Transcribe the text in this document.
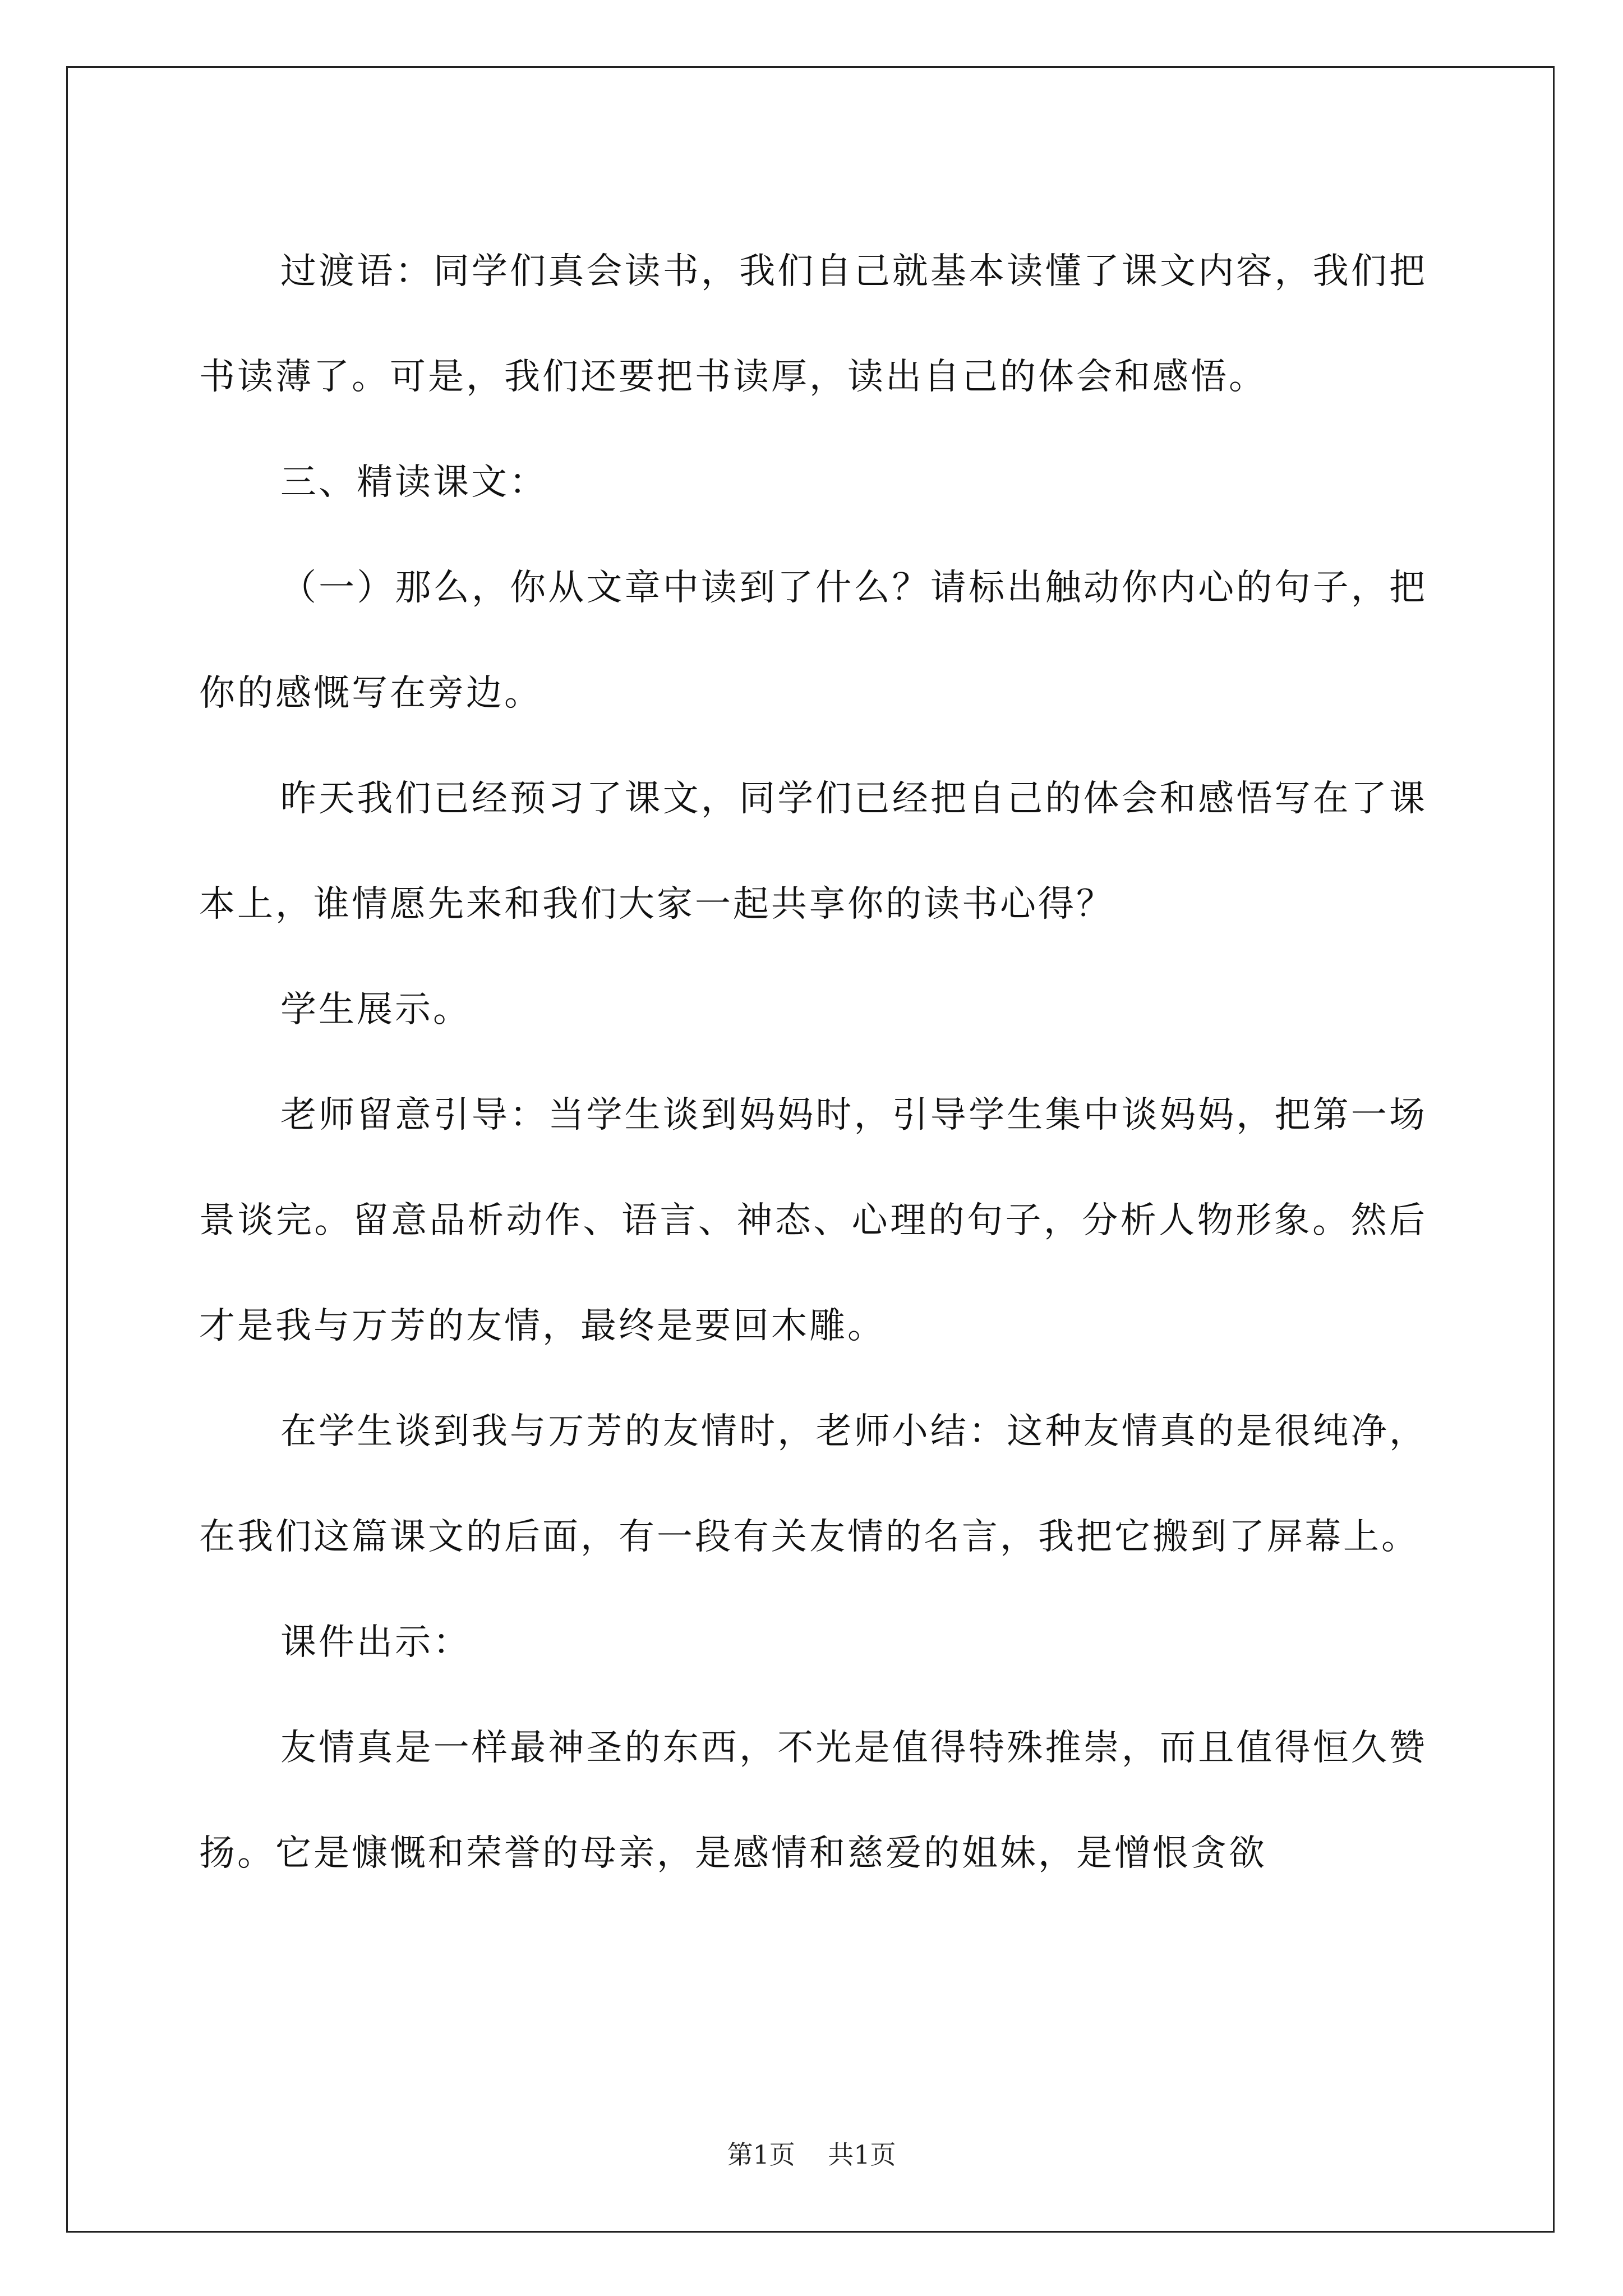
过渡语：同学们真会读书，我们自己就基本读懂了课文内容，我们把书读薄了。可是，我们还要把书读厚，读出自己的体会和感悟。

三、精读课文：

（一）那么，你从文章中读到了什么？请标出触动你内心的句子，把你的感慨写在旁边。

昨天我们已经预习了课文，同学们已经把自己的体会和感悟写在了课本上，谁情愿先来和我们大家一起共享你的读书心得？

学生展示。

老师留意引导：当学生谈到妈妈时，引导学生集中谈妈妈，把第一场景谈完。留意品析动作、语言、神态、心理的句子，分析人物形象。然后才是我与万芳的友情，最终是要回木雕。

在学生谈到我与万芳的友情时，老师小结：这种友情真的是很纯净，在我们这篇课文的后面，有一段有关友情的名言，我把它搬到了屏幕上。

课件出示：

友情真是一样最神圣的东西，不光是值得特殊推崇，而且值得恒久赞扬。它是慷慨和荣誉的母亲，是感情和慈爱的姐妹，是憎恨贪欲

第1页    共1页
